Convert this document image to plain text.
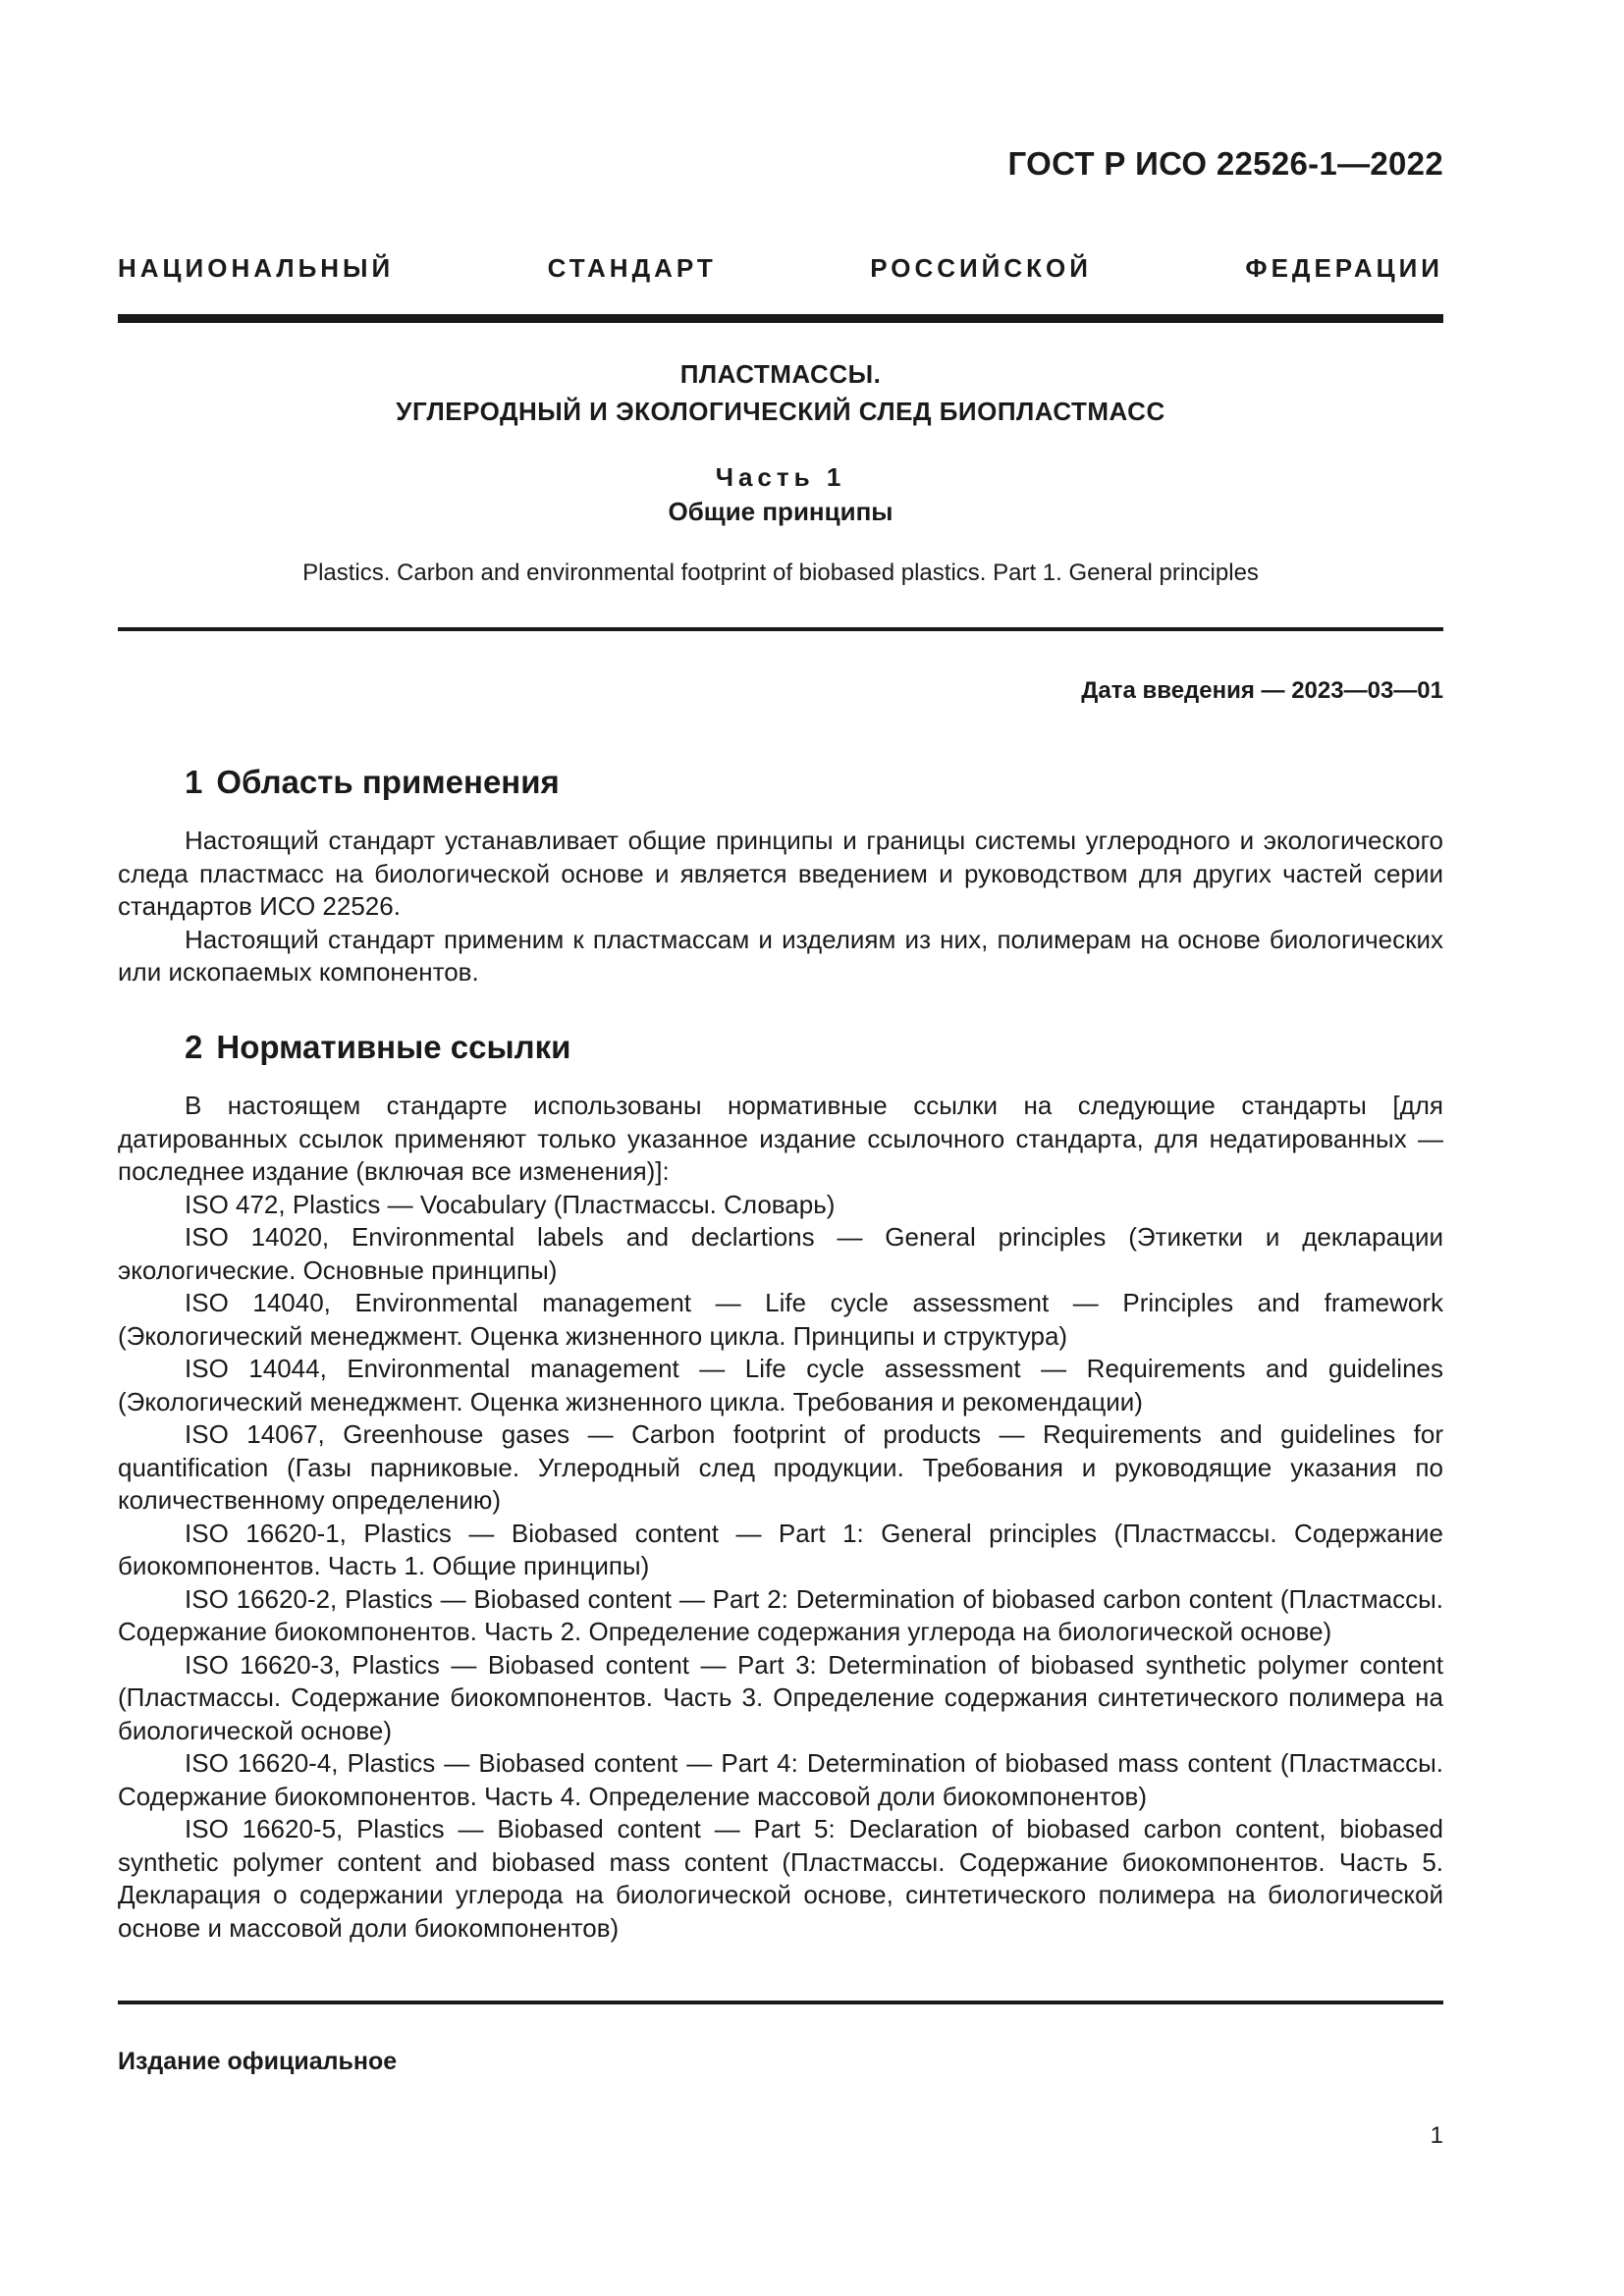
ГОСТ Р ИСО 22526-1—2022
НАЦИОНАЛЬНЫЙ СТАНДАРТ РОССИЙСКОЙ ФЕДЕРАЦИИ
ПЛАСТМАССЫ.
УГЛЕРОДНЫЙ И ЭКОЛОГИЧЕСКИЙ СЛЕД БИОПЛАСТМАСС
Часть 1
Общие принципы
Plastics. Carbon and environmental footprint of biobased plastics. Part 1. General principles
Дата введения — 2023—03—01
1 Область применения

Настоящий стандарт устанавливает общие принципы и границы системы углеродного и экологического следа пластмасс на биологической основе и является введением и руководством для других частей серии стандартов ИСО 22526.

Настоящий стандарт применим к пластмассам и изделиям из них, полимерам на основе биологических или ископаемых компонентов.

2 Нормативные ссылки

В настоящем стандарте использованы нормативные ссылки на следующие стандарты [для датированных ссылок применяют только указанное издание ссылочного стандарта, для недатированных — последнее издание (включая все изменения)]:

ISO 472, Plastics — Vocabulary (Пластмассы. Словарь)

ISO 14020, Environmental labels and declartions — General principles (Этикетки и декларации экологические. Основные принципы)

ISO 14040, Environmental management — Life cycle assessment — Principles and framework (Экологический менеджмент. Оценка жизненного цикла. Принципы и структура)

ISO 14044, Environmental management — Life cycle assessment — Requirements and guidelines (Экологический менеджмент. Оценка жизненного цикла. Требования и рекомендации)

ISO 14067, Greenhouse gases — Carbon footprint of products — Requirements and guidelines for quantification (Газы парниковые. Углеродный след продукции. Требования и руководящие указания по количественному определению)

ISO 16620-1, Plastics — Biobased content — Part 1: General principles (Пластмассы. Содержание биокомпонентов. Часть 1. Общие принципы)

ISO 16620-2, Plastics — Biobased content — Part 2: Determination of biobased carbon content (Пластмассы. Содержание биокомпонентов. Часть 2. Определение содержания углерода на биологической основе)

ISO 16620-3, Plastics — Biobased content — Part 3: Determination of biobased synthetic polymer content (Пластмассы. Содержание биокомпонентов. Часть 3. Определение содержания синтетического полимера на биологической основе)

ISO 16620-4, Plastics — Biobased content — Part 4: Determination of biobased mass content (Пластмассы. Содержание биокомпонентов. Часть 4. Определение массовой доли биокомпонентов)

ISO 16620-5, Plastics — Biobased content — Part 5: Declaration of biobased carbon content, biobased synthetic polymer content and biobased mass content (Пластмассы. Содержание биокомпонентов. Часть 5. Декларация о содержании углерода на биологической основе, синтетического полимера на биологической основе и массовой доли биокомпонентов)

Издание официальное
1
